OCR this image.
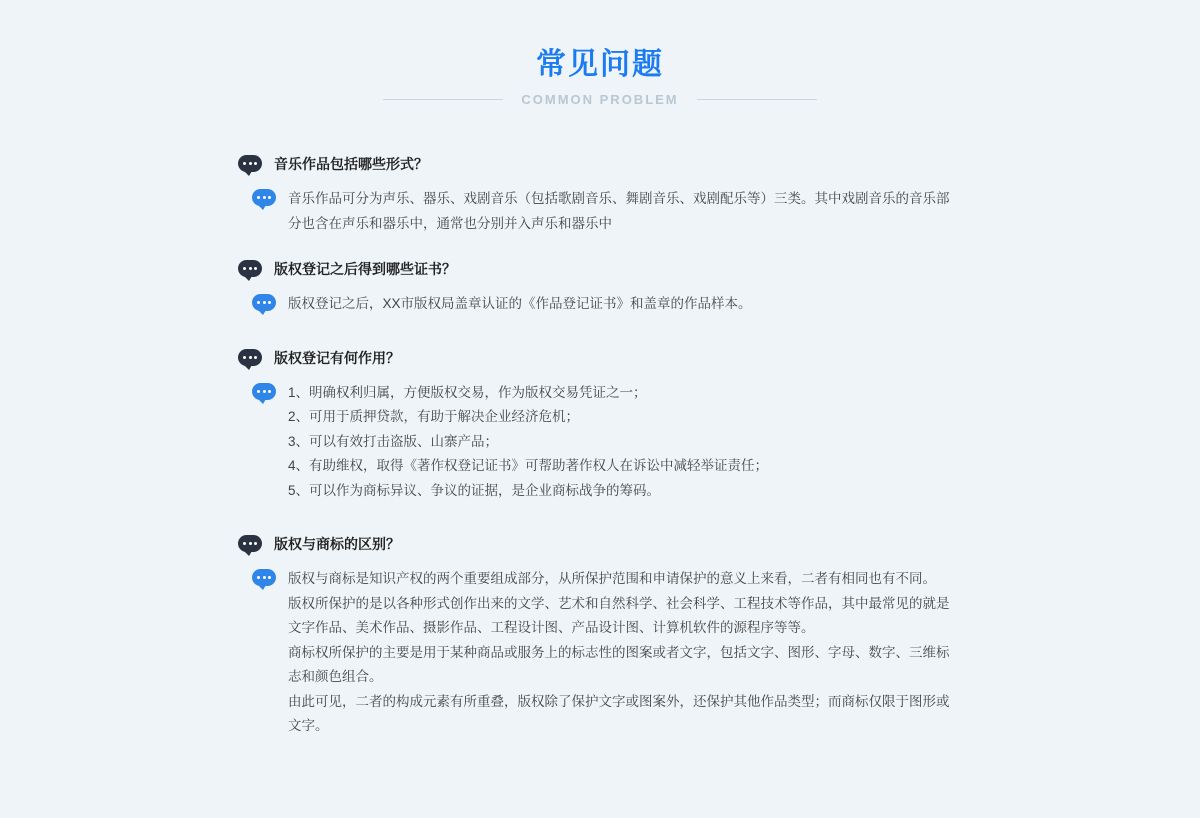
常见问题
COMMON PROBLEM
音乐作品包括哪些形式？
音乐作品可分为声乐、器乐、戏剧音乐（包括歌剧音乐、舞剧音乐、戏剧配乐等）三类。其中戏剧音乐的音乐部
分也含在声乐和器乐中，通常也分别并入声乐和器乐中
版权登记之后得到哪些证书？
版权登记之后，XX市版权局盖章认证的《作品登记证书》和盖章的作品样本。
版权登记有何作用？
1、明确权利归属，方便版权交易，作为版权交易凭证之一；
2、可用于质押贷款，有助于解决企业经济危机；
3、可以有效打击盗版、山寨产品；
4、有助维权，取得《著作权登记证书》可帮助著作权人在诉讼中减轻举证责任；
5、可以作为商标异议、争议的证据，是企业商标战争的筹码。
版权与商标的区别？
版权与商标是知识产权的两个重要组成部分，从所保护范围和申请保护的意义上来看，二者有相同也有不同。
版权所保护的是以各种形式创作出来的文学、艺术和自然科学、社会科学、工程技术等作品，其中最常见的就是
文字作品、美术作品、摄影作品、工程设计图、产品设计图、计算机软件的源程序等等。
商标权所保护的主要是用于某种商品或服务上的标志性的图案或者文字，包括文字、图形、字母、数字、三维标
志和颜色组合。
由此可见，二者的构成元素有所重叠，版权除了保护文字或图案外，还保护其他作品类型；而商标仅限于图形或
文字。
